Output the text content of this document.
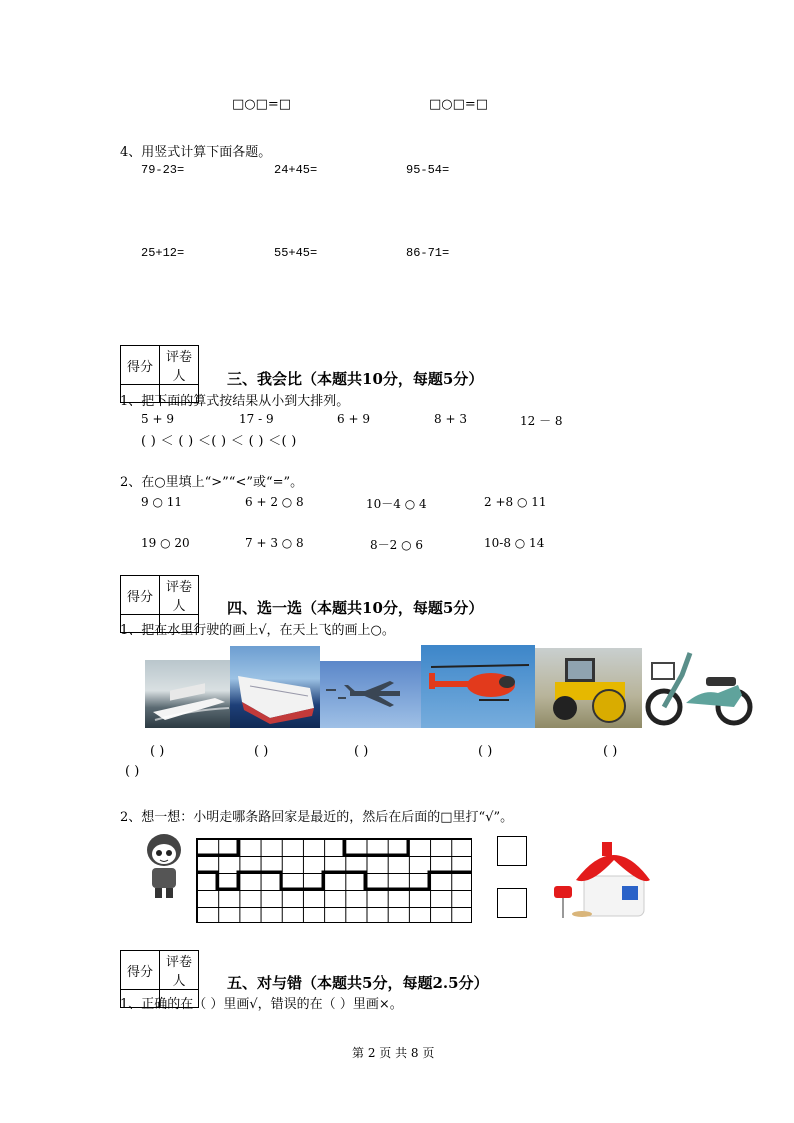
□○□=□	□○□=□
4、用竖式计算下面各题。
79-23=	24+45=	95-54=
25+12=	55+45=	86-71=
得分	评卷人
		三、我会比（本题共10分，每题5分）
1、把下面的算式按结果从小到大排列。
5 + 9	17 - 9	6 + 9	8 + 3	12 － 8
( ) ＜ ( ) ＜( ) ＜ ( ) ＜( )
2、在○里填上“>”“<”或“=”。
9 ○ 11	6 + 2 ○ 8	10－4 ○ 4	2 +8 ○ 11
19 ○ 20	7 + 3 ○ 8	8－2 ○ 6	10-8 ○ 14
得分	评卷人
		四、选一选（本题共10分，每题5分）
1、把在水里行驶的画上√，在天上飞的画上○。
( )	( )	( )	( )	( )
( )
2、想一想：小明走哪条路回家是最近的，然后在后面的□里打“√”。
得分	评卷人
		五、对与错（本题共5分，每题2.5分）
1、正确的在（ ）里画√，错误的在（ ）里画×。
第 2 页 共 8 页
